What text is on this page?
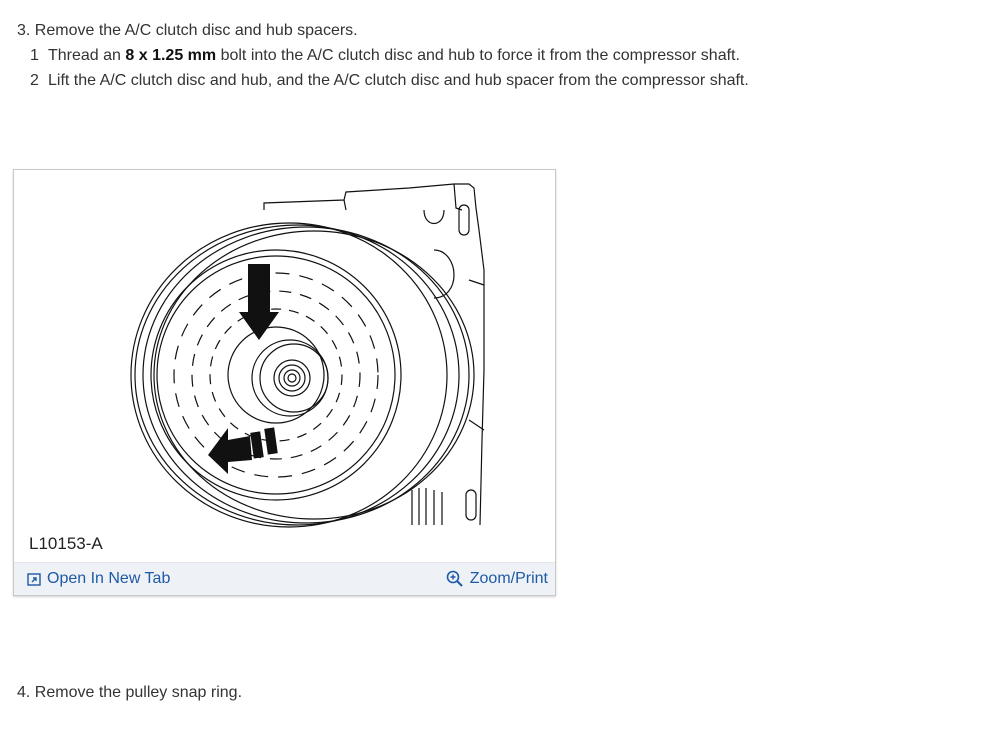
3. Remove the A/C clutch disc and hub spacers.
1 Thread an 8 x 1.25 mm bolt into the A/C clutch disc and hub to force it from the compressor shaft.
2 Lift the A/C clutch disc and hub, and the A/C clutch disc and hub spacer from the compressor shaft.
L10153-A
Open In New Tab	Zoom/Print
4. Remove the pulley snap ring.
